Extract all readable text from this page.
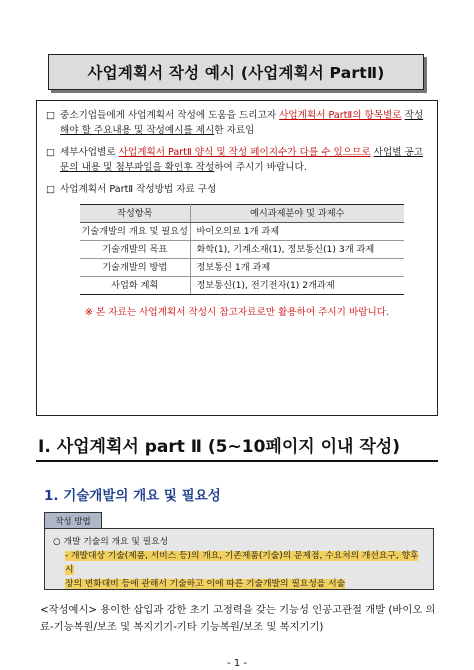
사업계획서 작성 예시 (사업계획서 PartⅡ)
□ 중소기업들에게 사업계획서 작성에 도움을 드리고자 사업계획서 PartⅡ의 항목별로 작성해야 할 주요내용 및 작성예시를 제시한 자료임
□ 세부사업별로 사업계획서 PartⅡ 양식 및 작성 페이지수가 다를 수 있으므로 사업별 공고문의 내용 및 첨부파일을 확인후 작성하여 주시기 바랍니다.
□ 사업계획서 PartⅡ 작성방법 자료 구성
작성항목	예시과제분야 및 과제수
기술개발의 개요 및 필요성	바이오의료 1개 과제
기술개발의 목표	화학(1), 기계소재(1), 정보통신(1) 3개 과제
기술개발의 방법	정보통신 1개 과제
사업화 계획	정보통신(1), 전기전자(1) 2개과제
※ 본 자료는 사업계획서 작성시 참고자료로만 활용하여 주시기 바랍니다.
Ⅰ. 사업계획서 part Ⅱ (5~10페이지 이내 작성)
1. 기술개발의 개요 및 필요성
작성 방법
○ 개발 기술의 개요 및 필요성
- 개발대상 기술(제품, 서비스 등)의 개요, 기존제품(기술)의 문제점, 수요처의 개선요구, 향후 시
장의 변화대비 등에 관해서 기술하고 이에 따른 기술개발의 필요성을 서술
<작성예시> 용이한 삽입과 강한 초기 고정력을 갖는 기능성 인공고관절 개발 (바이오 의료-기능복원/보조 및 복지기기-기타 기능복원/보조 및 복지기기)
- 1 -
